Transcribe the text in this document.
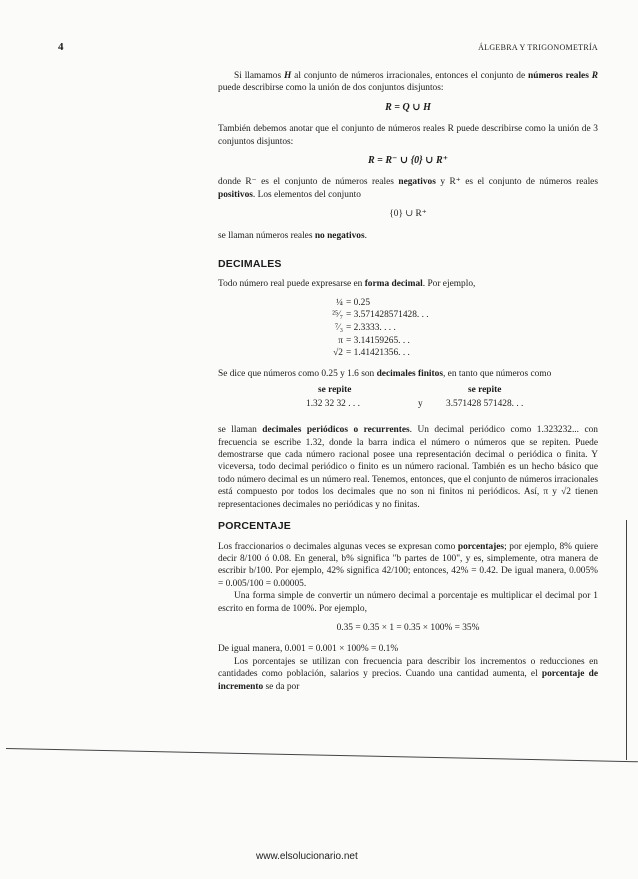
4	ÁLGEBRA Y TRIGONOMETRÍA

Si llamamos H al conjunto de números irracionales, entonces el conjunto de números reales R puede describirse como la unión de dos conjuntos disjuntos:

R = Q ∪ H

También debemos anotar que el conjunto de números reales R puede describirse como la unión de 3 conjuntos disjuntos:

R = R⁻ ∪ {0} ∪ R⁺

donde R⁻ es el conjunto de números reales negativos y R⁺ es el conjunto de números reales positivos. Los elementos del conjunto

{0} ∪ R⁺

se llaman números reales no negativos.

DECIMALES

Todo número real puede expresarse en forma decimal. Por ejemplo,

¼ = 0.25
²⁵⁄₇ = 3.571428571428. . .
⁷⁄₃ = 2.3333. . . .
π = 3.14159265. . .
√2 = 1.41421356. . .

Se dice que números como 0.25 y 1.6 son decimales finitos, en tanto que números como

se repite	se repite
1.32 32 32 . . .	y 3.571428 571428. . .

se llaman decimales periódicos o recurrentes. Un decimal periódico como 1.323232... con frecuencia se escribe 1.32, donde la barra indica el número o números que se repiten. Puede demostrarse que cada número racional posee una representación decimal o periódica o finita. Y viceversa, todo decimal periódico o finito es un número racional. También es un hecho básico que todo número decimal es un número real. Tenemos, entonces, que el conjunto de números irracionales está compuesto por todos los decimales que no son ni finitos ni periódicos. Así, π y √2 tienen representaciones decimales no periódicas y no finitas.

PORCENTAJE

Los fraccionarios o decimales algunas veces se expresan como porcentajes; por ejemplo, 8% quiere decir 8/100 ó 0.08. En general, b% significa "b partes de 100", y es, simplemente, otra manera de escribir b/100. Por ejemplo, 42% significa 42/100; entonces, 42% = 0.42. De igual manera, 0.005% = 0.005/100 = 0.00005.

Una forma simple de convertir un número decimal a porcentaje es multiplicar el decimal por 1 escrito en forma de 100%. Por ejemplo,

0.35 = 0.35 × 1 = 0.35 × 100% = 35%

De igual manera, 0.001 = 0.001 × 100% = 0.1%

Los porcentajes se utilizan con frecuencia para describir los incrementos o reducciones en cantidades como población, salarios y precios. Cuando una cantidad aumenta, el porcentaje de incremento se da por

www.elsolucionario.net
